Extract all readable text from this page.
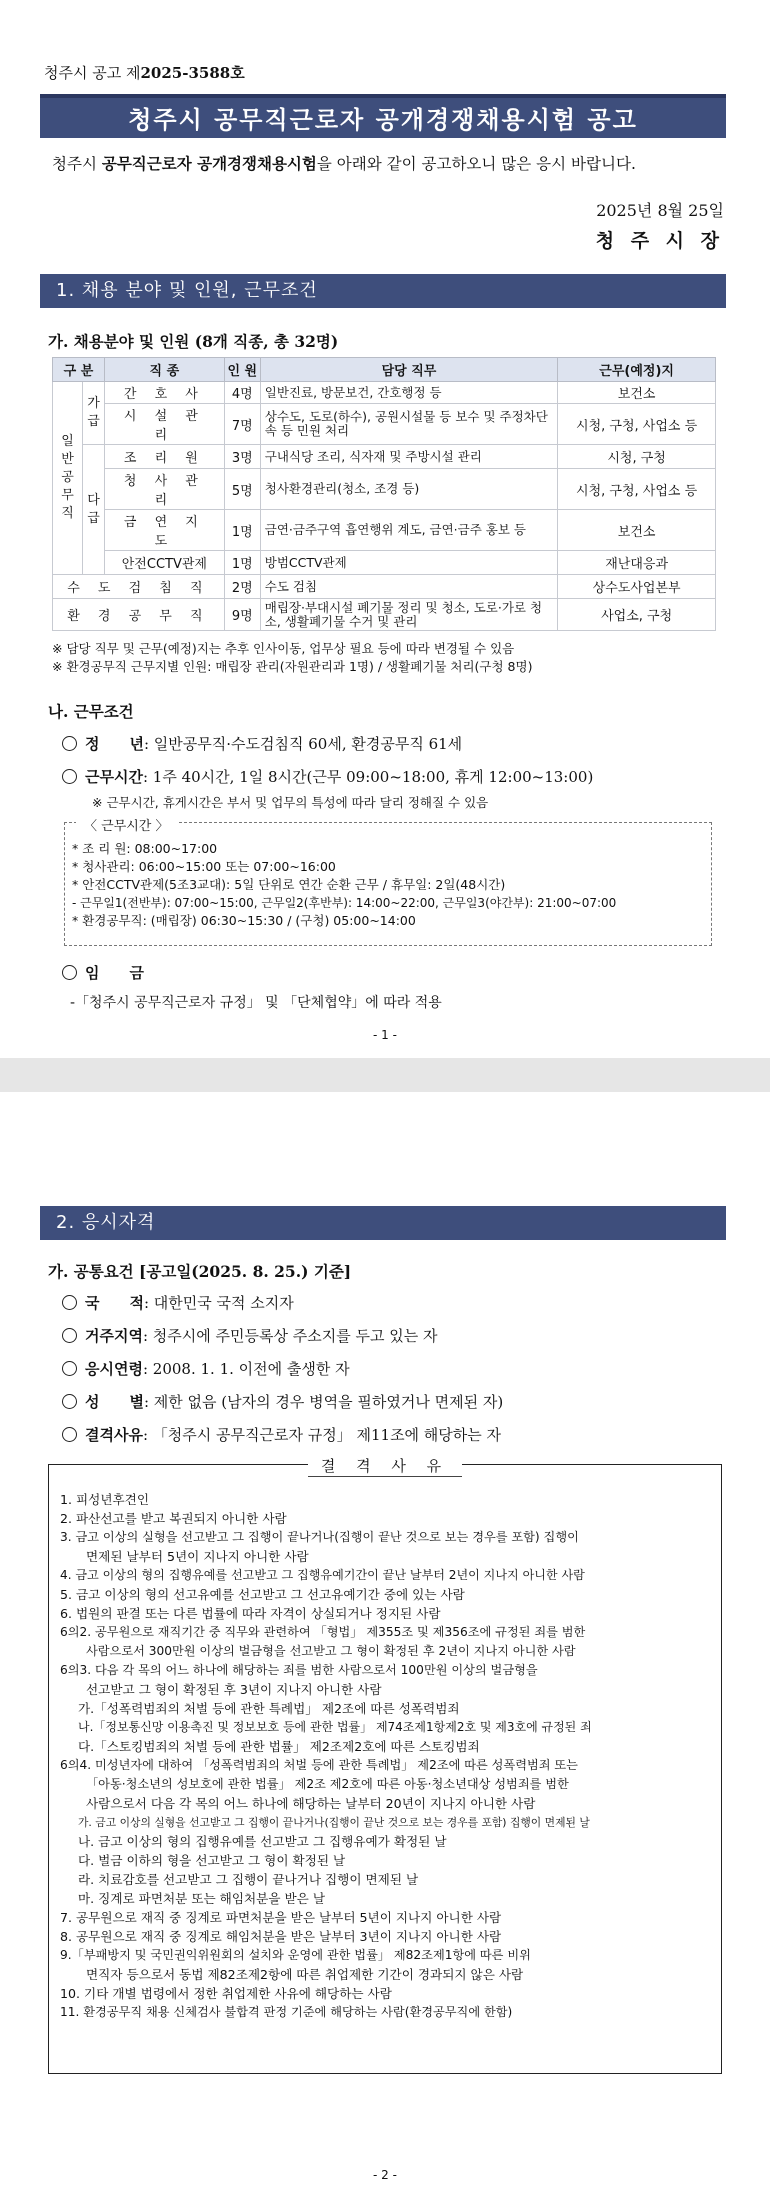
청주시 공고 제2025-3588호
청주시 공무직근로자 공개경쟁채용시험 공고
청주시 공무직근로자 공개경쟁채용시험을 아래와 같이 공고하오니 많은 응시 바랍니다.
2025년 8월 25일
청 주 시 장
1. 채용 분야 및 인원, 근무조건
가. 채용분야 및 인원 (8개 직종, 총 32명)
구 분		직 종	인 원	담당 직무	근무(예정)지
일반공무직	가급	간 호 사	4명	일반진료, 방문보건, 간호행정 등	보건소
		시 설 관 리	7명	상수도, 도로(하수), 공원시설물 등 보수 및 주정차단속 등 민원 처리	시청, 구청, 사업소 등
	다급	조 리 원	3명	구내식당 조리, 식자재 및 주방시설 관리	시청, 구청
		청 사 관 리	5명	청사환경관리(청소, 조경 등)	시청, 구청, 사업소 등
		금 연 지 도	1명	금연·금주구역 흡연행위 계도, 금연·금주 홍보 등	보건소
		안전CCTV관제	1명	방범CCTV관제	재난대응과
수 도 검 침 직			2명	수도 검침	상수도사업본부
환 경 공 무 직			9명	매립장·부대시설 폐기물 정리 및 청소, 도로·가로 청소, 생활폐기물 수거 및 관리	사업소, 구청
※ 담당 직무 및 근무(예정)지는 추후 인사이동, 업무상 필요 등에 따라 변경될 수 있음
※ 환경공무직 근무지별 인원: 매립장 관리(자원관리과 1명) / 생활폐기물 처리(구청 8명)
나. 근무조건
정　　년: 일반공무직·수도검침직 60세, 환경공무직 61세
근무시간: 1주 40시간, 1일 8시간(근무 09:00~18:00, 휴게 12:00~13:00)
※ 근무시간, 휴게시간은 부서 및 업무의 특성에 따라 달리 정해질 수 있음
〈 근무시간 〉
* 조 리 원: 08:00~17:00
* 청사관리: 06:00~15:00 또는 07:00~16:00
* 안전CCTV관제(5조3교대): 5일 단위로 연간 순환 근무 / 휴무일: 2일(48시간)
- 근무일1(전반부): 07:00~15:00, 근무일2(후반부): 14:00~22:00, 근무일3(야간부): 21:00~07:00
* 환경공무직: (매립장) 06:30~15:30 / (구청) 05:00~14:00
임　　금
-「청주시 공무직근로자 규정」 및 「단체협약」에 따라 적용
- 1 -
2. 응시자격
가. 공통요건 [공고일(2025. 8. 25.) 기준]
국　　적: 대한민국 국적 소지자
거주지역: 청주시에 주민등록상 주소지를 두고 있는 자
응시연령: 2008. 1. 1. 이전에 출생한 자
성　　별: 제한 없음 (남자의 경우 병역을 필하였거나 면제된 자)
결격사유: 「청주시 공무직근로자 규정」 제11조에 해당하는 자
결 격 사 유
1. 피성년후견인
2. 파산선고를 받고 복권되지 아니한 사람
3. 금고 이상의 실형을 선고받고 그 집행이 끝나거나(집행이 끝난 것으로 보는 경우를 포함) 집행이
면제된 날부터 5년이 지나지 아니한 사람
4. 금고 이상의 형의 집행유예를 선고받고 그 집행유예기간이 끝난 날부터 2년이 지나지 아니한 사람
5. 금고 이상의 형의 선고유예를 선고받고 그 선고유예기간 중에 있는 사람
6. 법원의 판결 또는 다른 법률에 따라 자격이 상실되거나 정지된 사람
6의2. 공무원으로 재직기간 중 직무와 관련하여 「형법」 제355조 및 제356조에 규정된 죄를 범한
사람으로서 300만원 이상의 벌금형을 선고받고 그 형이 확정된 후 2년이 지나지 아니한 사람
6의3. 다음 각 목의 어느 하나에 해당하는 죄를 범한 사람으로서 100만원 이상의 벌금형을
선고받고 그 형이 확정된 후 3년이 지나지 아니한 사람
가.「성폭력범죄의 처벌 등에 관한 특례법」 제2조에 따른 성폭력범죄
나.「정보통신망 이용촉진 및 정보보호 등에 관한 법률」 제74조제1항제2호 및 제3호에 규정된 죄
다.「스토킹범죄의 처벌 등에 관한 법률」 제2조제2호에 따른 스토킹범죄
6의4. 미성년자에 대하여 「성폭력범죄의 처벌 등에 관한 특례법」 제2조에 따른 성폭력범죄 또는
「아동·청소년의 성보호에 관한 법률」 제2조 제2호에 따른 아동·청소년대상 성범죄를 범한
사람으로서 다음 각 목의 어느 하나에 해당하는 날부터 20년이 지나지 아니한 사람
가. 금고 이상의 실형을 선고받고 그 집행이 끝나거나(집행이 끝난 것으로 보는 경우를 포함) 집행이 면제된 날
나. 금고 이상의 형의 집행유예를 선고받고 그 집행유예가 확정된 날
다. 벌금 이하의 형을 선고받고 그 형이 확정된 날
라. 치료감호를 선고받고 그 집행이 끝나거나 집행이 면제된 날
마. 징계로 파면처분 또는 해임처분을 받은 날
7. 공무원으로 재직 중 징계로 파면처분을 받은 날부터 5년이 지나지 아니한 사람
8. 공무원으로 재직 중 징계로 해임처분을 받은 날부터 3년이 지나지 아니한 사람
9.「부패방지 및 국민권익위원회의 설치와 운영에 관한 법률」 제82조제1항에 따른 비위
면직자 등으로서 동법 제82조제2항에 따른 취업제한 기간이 경과되지 않은 사람
10. 기타 개별 법령에서 정한 취업제한 사유에 해당하는 사람
11. 환경공무직 채용 신체검사 불합격 판정 기준에 해당하는 사람(환경공무직에 한함)
- 2 -
